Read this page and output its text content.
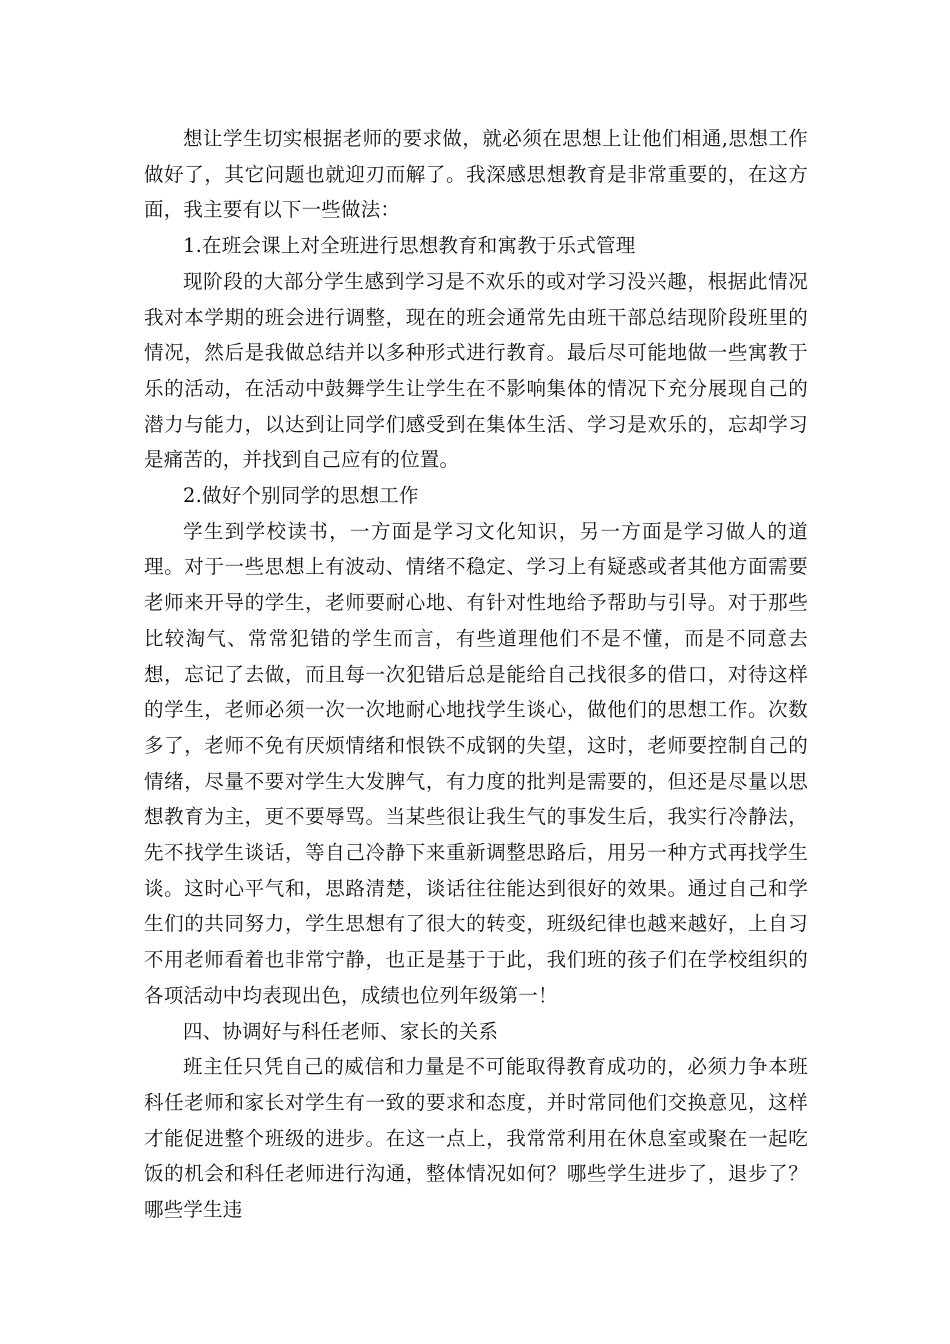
想让学生切实根据老师的要求做，就必须在思想上让他们相通,思想工作做好了，其它问题也就迎刃而解了。我深感思想教育是非常重要的，在这方面，我主要有以下一些做法：

1.在班会课上对全班进行思想教育和寓教于乐式管理

现阶段的大部分学生感到学习是不欢乐的或对学习没兴趣，根据此情况我对本学期的班会进行调整，现在的班会通常先由班干部总结现阶段班里的情况，然后是我做总结并以多种形式进行教育。最后尽可能地做一些寓教于乐的活动，在活动中鼓舞学生让学生在不影响集体的情况下充分展现自己的潜力与能力，以达到让同学们感受到在集体生活、学习是欢乐的，忘却学习是痛苦的，并找到自己应有的位置。

2.做好个别同学的思想工作

学生到学校读书，一方面是学习文化知识，另一方面是学习做人的道理。对于一些思想上有波动、情绪不稳定、学习上有疑惑或者其他方面需要老师来开导的学生，老师要耐心地、有针对性地给予帮助与引导。对于那些比较淘气、常常犯错的学生而言，有些道理他们不是不懂，而是不同意去想，忘记了去做，而且每一次犯错后总是能给自己找很多的借口，对待这样的学生，老师必须一次一次地耐心地找学生谈心，做他们的思想工作。次数多了，老师不免有厌烦情绪和恨铁不成钢的失望，这时，老师要控制自己的情绪，尽量不要对学生大发脾气，有力度的批判是需要的，但还是尽量以思想教育为主，更不要辱骂。当某些很让我生气的事发生后，我实行冷静法，先不找学生谈话，等自己冷静下来重新调整思路后，用另一种方式再找学生谈。这时心平气和，思路清楚，谈话往往能达到很好的效果。通过自己和学生们的共同努力，学生思想有了很大的转变，班级纪律也越来越好，上自习不用老师看着也非常宁静，也正是基于于此，我们班的孩子们在学校组织的各项活动中均表现出色，成绩也位列年级第一！

四、协调好与科任老师、家长的关系

班主任只凭自己的威信和力量是不可能取得教育成功的，必须力争本班科任老师和家长对学生有一致的要求和态度，并时常同他们交换意见，这样才能促进整个班级的进步。在这一点上，我常常利用在休息室或聚在一起吃饭的机会和科任老师进行沟通，整体情况如何？哪些学生进步了，退步了？哪些学生违
